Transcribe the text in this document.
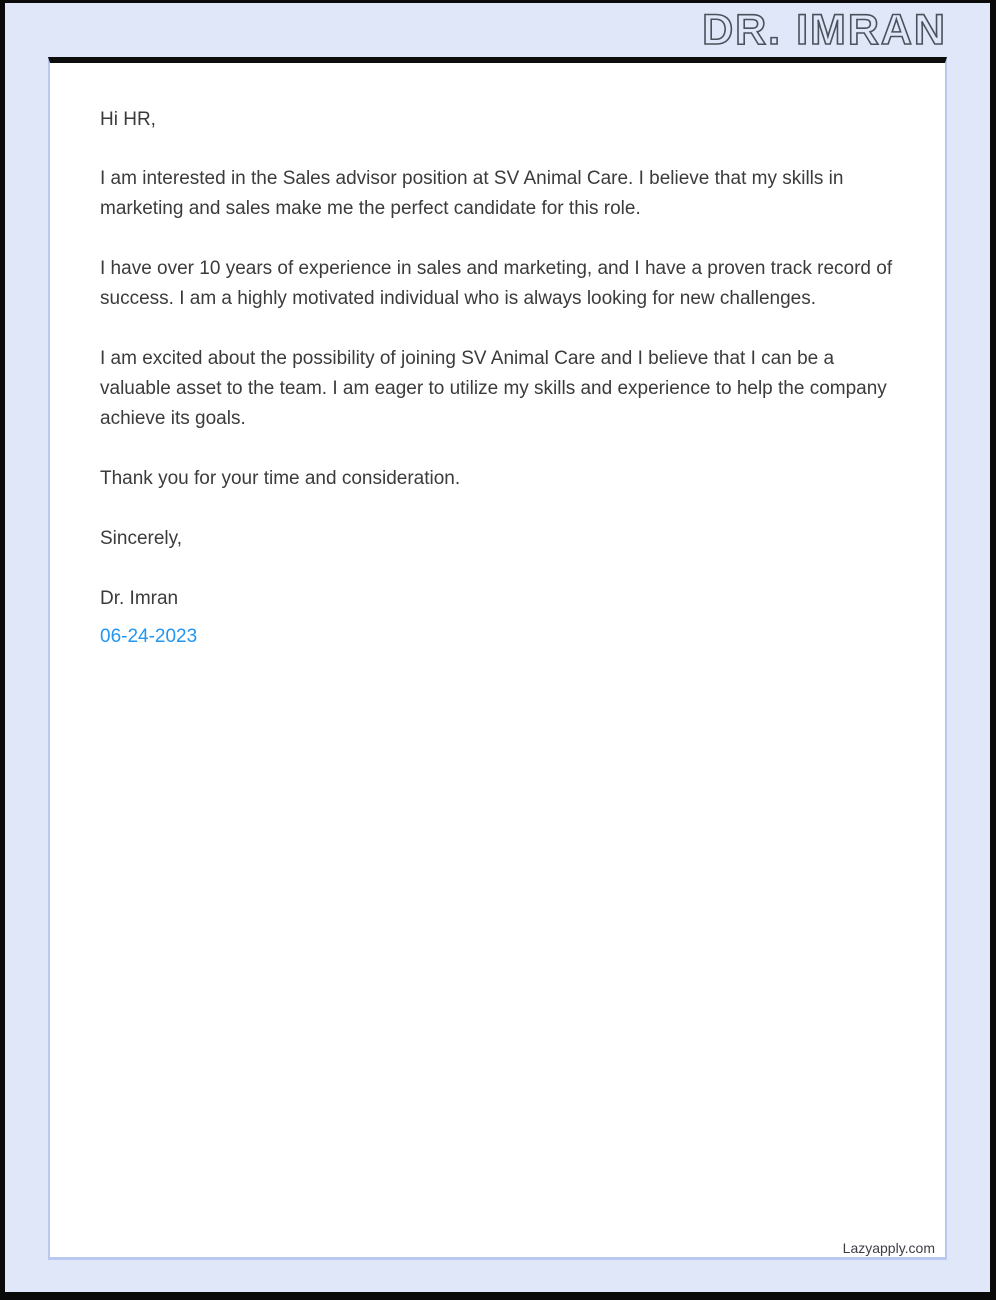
DR. IMRAN

Hi HR,

I am interested in the Sales advisor position at SV Animal Care. I believe that my skills in marketing and sales make me the perfect candidate for this role.

I have over 10 years of experience in sales and marketing, and I have a proven track record of success. I am a highly motivated individual who is always looking for new challenges.

I am excited about the possibility of joining SV Animal Care and I believe that I can be a valuable asset to the team. I am eager to utilize my skills and experience to help the company achieve its goals.

Thank you for your time and consideration.

Sincerely,

Dr. Imran

06-24-2023

Lazyapply.com
